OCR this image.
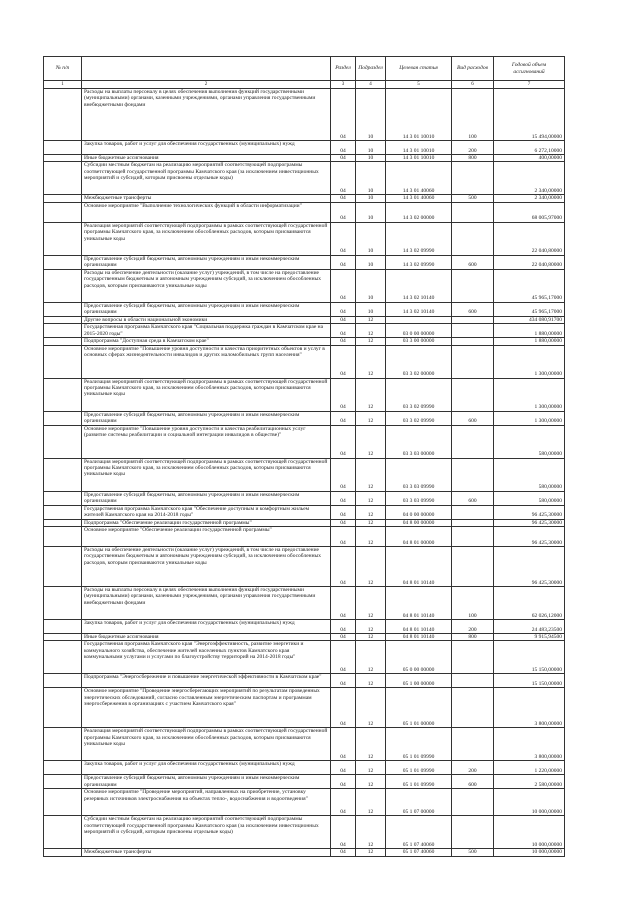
№ п/п		Раздел	Подраздел	Целевая статья	Вид расходов	Годовой объем ассигнований
1	2	3	4	5	6	7
	Расходы на выплаты персоналу в целях обеспечения выполнения функций государственными (муниципальными) органами, казенными учреждениями, органами управления государственными внебюджетными фондами	04	10	14 3 01 10010	100	15 494,00000
	Закупка товаров, работ и услуг для обеспечения государственных (муниципальных) нужд	04	10	14 3 01 10010	200	6 272,10000
	Иные бюджетные ассигнования	04	10	14 3 01 10010	800	400,00000
	Субсидии местным бюджетам на реализацию мероприятий соответствующей подпрограммы соответствующей государственной программы Камчатского края (за исключением инвестиционных мероприятий и субсидий, которым присвоены отдельные коды)	04	10	14 3 01 40060		2 340,00000
	Межбюджетные трансферты	04	10	14 3 01 40060	500	2 340,00000
	Основное мероприятие "Выполнение технологических функций в области информатизации"	04	10	14 3 02 00000		68 005,97000
	Реализация мероприятий соответствующей подпрограммы в рамках соответствующей государственной программы Камчатского края, за исключением обособленных расходов, которым присваиваются уникальные коды	04	10	14 3 02 09990		22 040,80000
	Предоставление субсидий бюджетным, автономным учреждениям и иным некоммерческим организациям	04	10	14 3 02 09990	600	22 040,80000
	Расходы на обеспечение деятельности (оказание услуг) учреждений, в том числе на предоставление государственным бюджетным и автономным учреждениям субсидий, за исключением обособленных расходов, которым присваиваются уникальные коды	04	10	14 3 02 10140		45 965,17000
	Предоставление субсидий бюджетным, автономным учреждениям и иным некоммерческим организациям	04	10	14 3 02 10140	600	45 965,17000
	Другие вопросы в области национальной экономики	04	12			434 080,91700
	Государственная программа Камчатского края "Социальная поддержка граждан в Камчатском крае на 2015-2020 годы"	04	12	03 0 00 00000		1 880,00000
	Подпрограмма "Доступная среда в Камчатском крае"	04	12	03 3 00 00000		1 880,00000
	Основное мероприятие "Повышение уровня доступности и качества приоритетных объектов и услуг в основных сферах жизнедеятельности инвалидов и других маломобильных групп населения"	04	12	03 3 02 00000		1 300,00000
	Реализация мероприятий соответствующей подпрограммы в рамках соответствующей государственной программы Камчатского края, за исключением обособленных расходов, которым присваиваются уникальные коды	04	12	03 3 02 09990		1 300,00000
	Предоставление субсидий бюджетным, автономным учреждениям и иным некоммерческим организациям	04	12	03 3 02 09990	600	1 300,00000
	Основное мероприятие "Повышение уровня доступности и качества реабилитационных услуг (развитие системы реабилитации и социальной интеграции инвалидов в обществе)"	04	12	03 3 03 00000		580,00000
	Реализация мероприятий соответствующей подпрограммы в рамках соответствующей государственной программы Камчатского края, за исключением обособленных расходов, которым присваиваются уникальные коды	04	12	03 3 03 09990		580,00000
	Предоставление субсидий бюджетным, автономным учреждениям и иным некоммерческим организациям	04	12	03 3 03 09990	600	580,00000
	Государственная программа Камчатского края "Обеспечение доступным и комфортным жильем жителей Камчатского края на 2014-2018 годы"	04	12	04 0 00 00000		96 425,30000
	Подпрограмма "Обеспечение реализации государственной программы"	04	12	04 8 00 00000		96 425,30000
	Основное мероприятие "Обеспечение реализации государственной программы"	04	12	04 8 01 00000		96 425,30000
	Расходы на обеспечение деятельности (оказание услуг) учреждений, в том числе на предоставление государственным бюджетным и автономным учреждениям субсидий, за исключением обособленных расходов, которым присваиваются уникальные коды	04	12	04 8 01 10140		96 425,30000
	Расходы на выплаты персоналу в целях обеспечения выполнения функций государственными (муниципальными) органами, казенными учреждениями, органами управления государственными внебюджетными фондами	04	12	04 8 01 10140	100	62 026,12000
	Закупка товаров, работ и услуг для обеспечения государственных (муниципальных) нужд	04	12	04 8 01 10140	200	24 483,23500
	Иные бюджетные ассигнования	04	12	04 8 01 10140	800	9 915,94500
	Государственная программа Камчатского края "Энергоэффективность, развитие энергетики и коммунального хозяйства, обеспечение жителей населенных пунктов Камчатского края коммунальными услугами и услугами по благоустройству территорий на 2014-2018 годы"	04	12	05 0 00 00000		15 150,00000
	Подпрограмма "Энергосбережение и повышение энергетической эффективности в Камчатском крае"	04	12	05 1 00 00000		15 150,00000
	Основное мероприятие "Проведение энергосберегающих мероприятий по результатам проведенных энергетических обследований, согласно составленным энергетическим паспортам и программам энергосбережения в организациях с участием Камчатского края"	04	12	05 1 01 00000		3 800,00000
	Реализация мероприятий соответствующей подпрограммы в рамках соответствующей государственной программы Камчатского края, за исключением обособленных расходов, которым присваиваются уникальные коды	04	12	05 1 01 09990		3 800,00000
	Закупка товаров, работ и услуг для обеспечения государственных (муниципальных) нужд	04	12	05 1 01 09990	200	1 220,00000
	Предоставление субсидий бюджетным, автономным учреждениям и иным некоммерческим организациям	04	12	05 1 01 09990	600	2 580,00000
	Основное мероприятие "Проведение мероприятий, направленных на приобретение, установку резервных источников электроснабжения на объектах тепло-, водоснабжения и водоотведения"	04	12	05 1 07 00000		10 000,00000
	Субсидии местным бюджетам на реализацию мероприятий соответствующей подпрограммы соответствующей государственной программы Камчатского края (за исключением инвестиционных мероприятий и субсидий, которым присвоены отдельные коды)	04	12	05 1 07 40060		10 000,00000
	Межбюджетные трансферты	04	12	05 1 07 40060	500	10 000,00000
